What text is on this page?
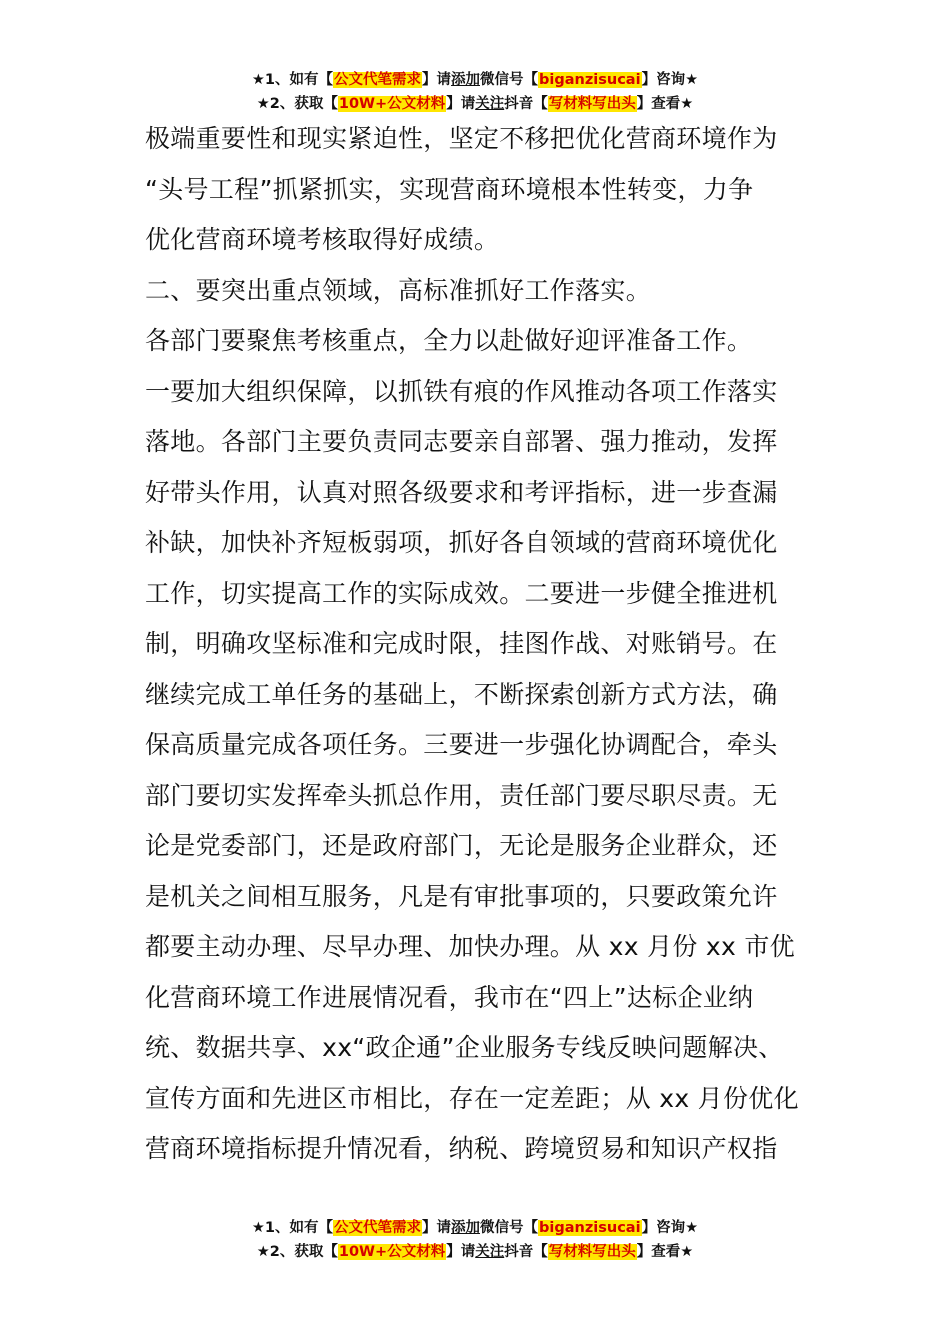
★1、如有【公文代笔需求】请添加微信号【biganzisucai】咨询★
★2、获取【10W+公文材料】请关注抖音【写材料写出头】查看★
极端重要性和现实紧迫性，坚定不移把优化营商环境作为
“头号工程”抓紧抓实，实现营商环境根本性转变，力争
优化营商环境考核取得好成绩。
二、要突出重点领域，高标准抓好工作落实。
各部门要聚焦考核重点，全力以赴做好迎评准备工作。
一要加大组织保障，以抓铁有痕的作风推动各项工作落实
落地。各部门主要负责同志要亲自部署、强力推动，发挥
好带头作用，认真对照各级要求和考评指标，进一步查漏
补缺，加快补齐短板弱项，抓好各自领域的营商环境优化
工作，切实提高工作的实际成效。二要进一步健全推进机
制，明确攻坚标准和完成时限，挂图作战、对账销号。在
继续完成工单任务的基础上，不断探索创新方式方法，确
保高质量完成各项任务。三要进一步强化协调配合，牵头
部门要切实发挥牵头抓总作用，责任部门要尽职尽责。无
论是党委部门，还是政府部门，无论是服务企业群众，还
是机关之间相互服务，凡是有审批事项的，只要政策允许
都要主动办理、尽早办理、加快办理。从 xx 月份 xx 市优
化营商环境工作进展情况看，我市在“四上”达标企业纳
统、数据共享、xx“政企通”企业服务专线反映问题解决、
宣传方面和先进区市相比，存在一定差距；从 xx 月份优化
营商环境指标提升情况看，纳税、跨境贸易和知识产权指
★1、如有【公文代笔需求】请添加微信号【biganzisucai】咨询★
★2、获取【10W+公文材料】请关注抖音【写材料写出头】查看★
